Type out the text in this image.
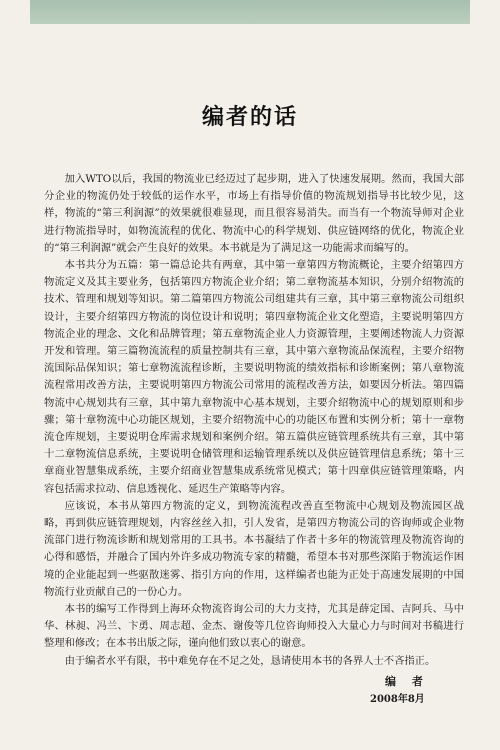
编者的话

加入WTO以后，我国的物流业已经迈过了起步期，进入了快速发展期。然而，我国大部分企业的物流仍处于较低的运作水平，市场上有指导价值的物流规划指导书比较少见，这样，物流的“第三利润源”的效果就很难显现，而且很容易消失。而当有一个物流导师对企业进行物流指导时，如物流流程的优化、物流中心的科学规划、供应链网络的优化，物流企业的“第三利润源”就会产生良好的效果。本书就是为了满足这一功能需求而编写的。

本书共分为五篇：第一篇总论共有两章，其中第一章第四方物流概论，主要介绍第四方物流定义及其主要业务，包括第四方物流企业介绍；第二章物流基本知识，分别介绍物流的技术、管理和规划等知识。第二篇第四方物流公司组建共有三章，其中第三章物流公司组织设计，主要介绍第四方物流的岗位设计和说明；第四章物流企业文化塑造，主要说明第四方物流企业的理念、文化和品牌管理；第五章物流企业人力资源管理，主要阐述物流人力资源开发和管理。第三篇物流流程的质量控制共有三章，其中第六章物流品保流程，主要介绍物流国际品保知识；第七章物流流程诊断，主要说明物流的绩效指标和诊断案例；第八章物流流程常用改善方法，主要说明第四方物流公司常用的流程改善方法，如要因分析法。第四篇物流中心规划共有三章，其中第九章物流中心基本规划，主要介绍物流中心的规划原则和步骤；第十章物流中心功能区规划，主要介绍物流中心的功能区布置和实例分析；第十一章物流仓库规划，主要说明仓库需求规划和案例介绍。第五篇供应链管理系统共有三章，其中第十二章物流信息系统，主要说明仓储管理和运输管理系统以及供应链管理信息系统；第十三章商业智慧集成系统，主要介绍商业智慧集成系统常见模式；第十四章供应链管理策略，内容包括需求拉动、信息透视化、延迟生产策略等内容。

应该说，本书从第四方物流的定义，到物流流程改善直至物流中心规划及物流园区战略，再到供应链管理规划，内容丝丝入扣，引人发省，是第四方物流公司的咨询师或企业物流部门进行物流诊断和规划常用的工具书。本书凝结了作者十多年的物流管理及物流咨询的心得和感悟，并融合了国内外许多成功物流专家的精髓，希望本书对那些深陷于物流运作困境的企业能起到一些驱散迷雾、指引方向的作用，这样编者也能为正处于高速发展期的中国物流行业贡献自己的一份心力。

本书的编写工作得到上海环众物流咨询公司的大力支持，尤其是薛定国、吉阿兵、马中华、林昶、冯兰、卞勇、周志超、金杰、谢俊等几位咨询师投入大量心力与时间对书稿进行整理和修改；在本书出版之际，谨向他们致以衷心的谢意。

由于编者水平有限，书中难免存在不足之处，恳请使用本书的各界人士不吝指正。

编 者
2008年8月
